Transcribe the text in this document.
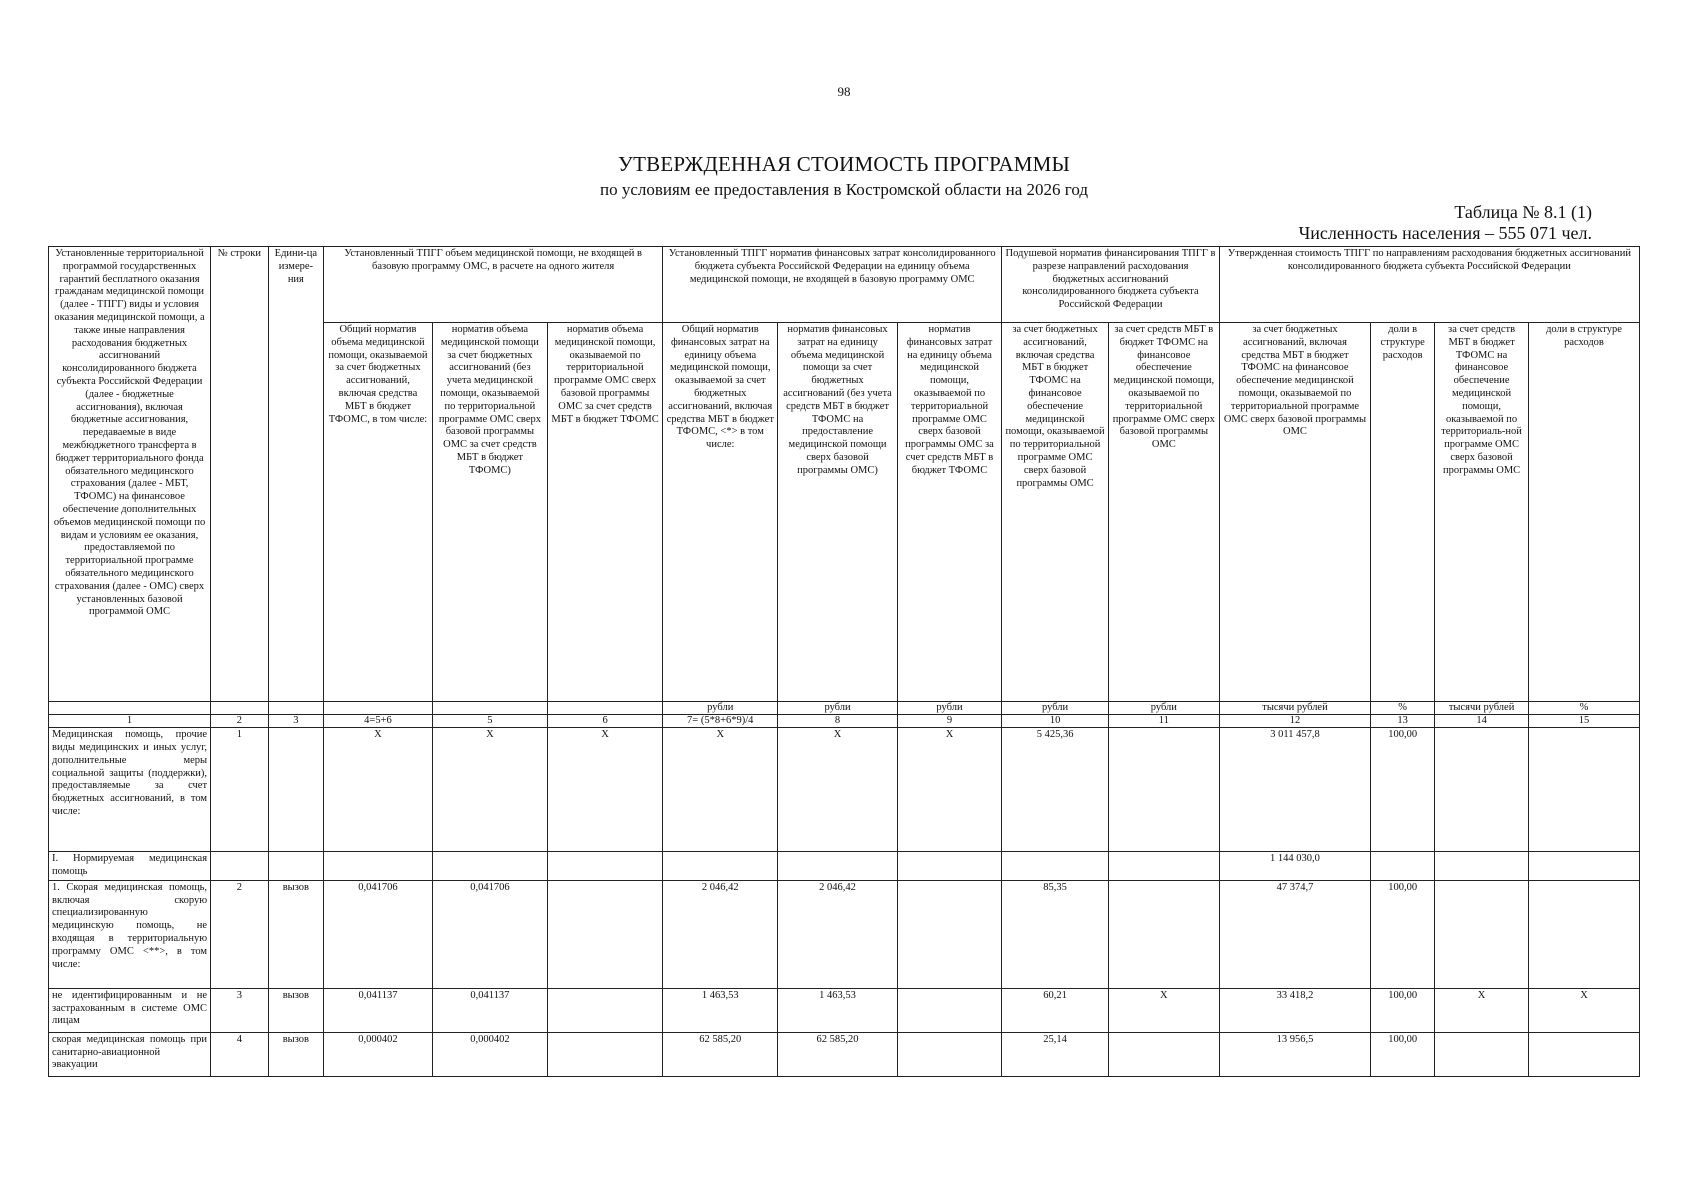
98
УТВЕРЖДЕННАЯ СТОИМОСТЬ ПРОГРАММЫ
по условиям ее предоставления в Костромской области на 2026 год
Таблица № 8.1 (1)
Численность населения – 555 071 чел.
Установленные территориальной программой государственных гарантий бесплатного оказания гражданам медицинской помощи (далее - ТПГГ) виды и условия оказания медицинской помощи, а также иные направления расходования бюджетных ассигнований консолидированного бюджета субъекта Российской Федерации (далее - бюджетные ассигнования), включая бюджетные ассигнования, передаваемые в виде межбюджетного трансферта в бюджет территориального фонда обязательного медицинского страхования (далее - МБТ, ТФОМС) на финансовое обеспечение дополнительных объемов медицинской помощи по видам и условиям ее оказания, предоставляемой по территориальной программе обязательного медицинского страхования (далее - ОМС) сверх установленных базовой программой ОМС	№ строки	Едини-ца измере-ния	Установленный ТПГГ объем медицинской помощи, не входящей в базовую программу ОМС, в расчете на одного жителя			Установленный ТПГГ норматив финансовых затрат консолидированного бюджета субъекта Российской Федерации на единицу объема медицинской помощи, не входящей в базовую программу ОМС			Подушевой норматив финансирования ТПГГ в разрезе направлений расходования бюджетных ассигнований консолидированного бюджета субъекта Российской Федерации		Утвержденная стоимость ТПГГ по направлениям расходования бюджетных ассигнований консолидированного бюджета субъекта Российской Федерации			
			Общий норматив объема медицинской помощи, оказываемой за счет бюджетных ассигнований, включая средства МБТ в бюджет ТФОМС, в том числе:	норматив объема медицинской помощи за счет бюджетных ассигнований (без учета медицинской помощи, оказываемой по территориальной программе ОМС сверх базовой программы ОМС за счет средств МБТ в бюджет ТФОМС)	норматив объема медицинской помощи, оказываемой по территориальной программе ОМС сверх базовой программы ОМС за счет средств МБТ в бюджет ТФОМС	Общий норматив финансовых затрат на единицу объема медицинской помощи, оказываемой за счет бюджетных ассигнований, включая средства МБТ в бюджет ТФОМС, <*> в том числе:	норматив финансовых затрат на единицу объема медицинской помощи за счет бюджетных ассигнований (без учета средств МБТ в бюджет ТФОМС на предоставление медицинской помощи сверх базовой программы ОМС)	норматив финансовых затрат на единицу объема медицинской помощи, оказываемой по территориальной программе ОМС сверх базовой программы ОМС за счет средств МБТ в бюджет ТФОМС	за счет бюджетных ассигнований, включая средства МБТ в бюджет ТФОМС на финансовое обеспечение медицинской помощи, оказываемой по территориальной программе ОМС сверх базовой программы ОМС	за счет средств МБТ в бюджет ТФОМС на финансовое обеспечение медицинской помощи, оказываемой по территориальной программе ОМС сверх базовой программы ОМС	за счет бюджетных ассигнований, включая средства МБТ в бюджет ТФОМС на финансовое обеспечение медицинской помощи, оказываемой по территориальной программе ОМС сверх базовой программы ОМС	доли в структуре расходов	за счет средств МБТ в бюджет ТФОМС на финансовое обеспечение медицинской помощи, оказываемой по территориаль-ной программе ОМС сверх базовой программы ОМС	доли в структуре расходов
						рубли	рубли	рубли	рубли	рубли	тысячи рублей	%	тысячи рублей	%
1	2	3	4=5+6	5	6	7= (5*8+6*9)/4	8	9	10	11	12	13	14	15
Медицинская помощь, прочие виды медицинских и иных услуг, дополнительные меры социальной защиты (поддержки), предоставляемые за счет бюджетных ассигнований, в том числе:	1		X	X	X	X	X	X	5 425,36		3 011 457,8	100,00		
I. Нормируемая медицинская помощь											1 144 030,0			
1. Скорая медицинская помощь, включая скорую специализированную медицинскую помощь, не входящая в территориальную программу ОМС <**>, в том числе:	2	вызов	0,041706	0,041706		2 046,42	2 046,42		85,35		47 374,7	100,00		
не идентифицированным и не застрахованным в системе ОМС лицам	3	вызов	0,041137	0,041137		1 463,53	1 463,53		60,21	X	33 418,2	100,00	X	X
скорая медицинская помощь при санитарно-авиационной эвакуации	4	вызов	0,000402	0,000402		62 585,20	62 585,20		25,14		13 956,5	100,00		
